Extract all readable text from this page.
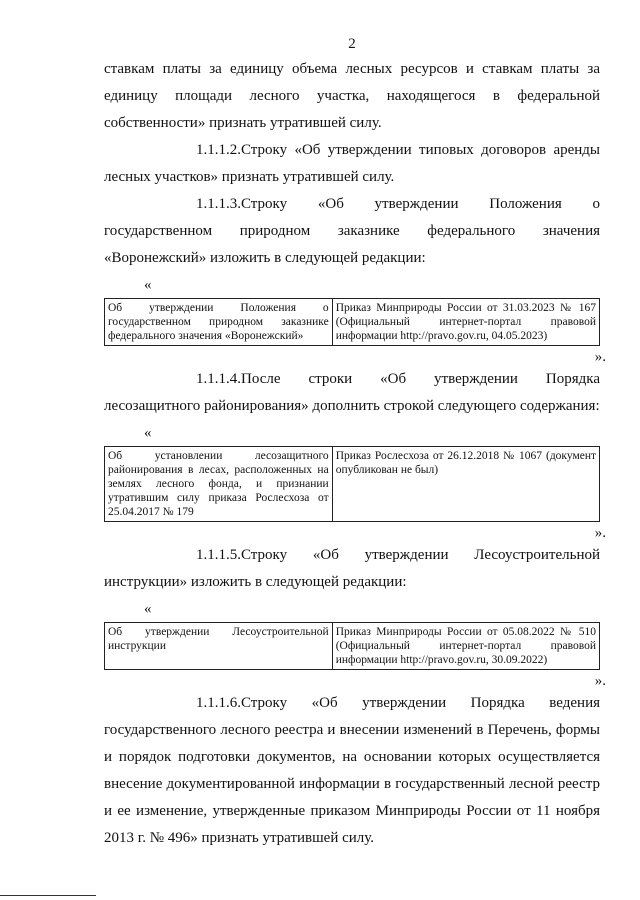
2

ставкам платы за единицу объема лесных ресурсов и ставкам платы за единицу площади лесного участка, находящегося в федеральной собственности» признать утратившей силу.

1.1.1.2.Строку «Об утверждении типовых договоров аренды лесных участков» признать утратившей силу.

1.1.1.3.Строку «Об утверждении Положения о государственном природном заказнике федерального значения «Воронежский» изложить в следующей редакции:

«
Об утверждении Положения о государственном природном заказнике федерального значения «Воронежский»	Приказ Минприроды России от 31.03.2023 № 167 (Официальный интернет-портал правовой информации http://pravo.gov.ru, 04.05.2023)
».

1.1.1.4.После строки «Об утверждении Порядка лесозащитного районирования» дополнить строкой следующего содержания:

«
Об установлении лесозащитного районирования в лесах, расположенных на землях лесного фонда, и признании утратившим силу приказа Рослесхоза от 25.04.2017 № 179	Приказ Рослесхоза от 26.12.2018 № 1067 (документ опубликован не был)
».

1.1.1.5.Строку «Об утверждении Лесоустроительной инструкции» изложить в следующей редакции:

«
Об утверждении Лесоустроительной инструкции	Приказ Минприроды России от 05.08.2022 № 510 (Официальный интернет-портал правовой информации http://pravo.gov.ru, 30.09.2022)
».

1.1.1.6.Строку «Об утверждении Порядка ведения государственного лесного реестра и внесении изменений в Перечень, формы и порядок подготовки документов, на основании которых осуществляется внесение документированной информации в государственный лесной реестр и ее изменение, утвержденные приказом Минприроды России от 11 ноября 2013 г. № 496» признать утратившей силу.
